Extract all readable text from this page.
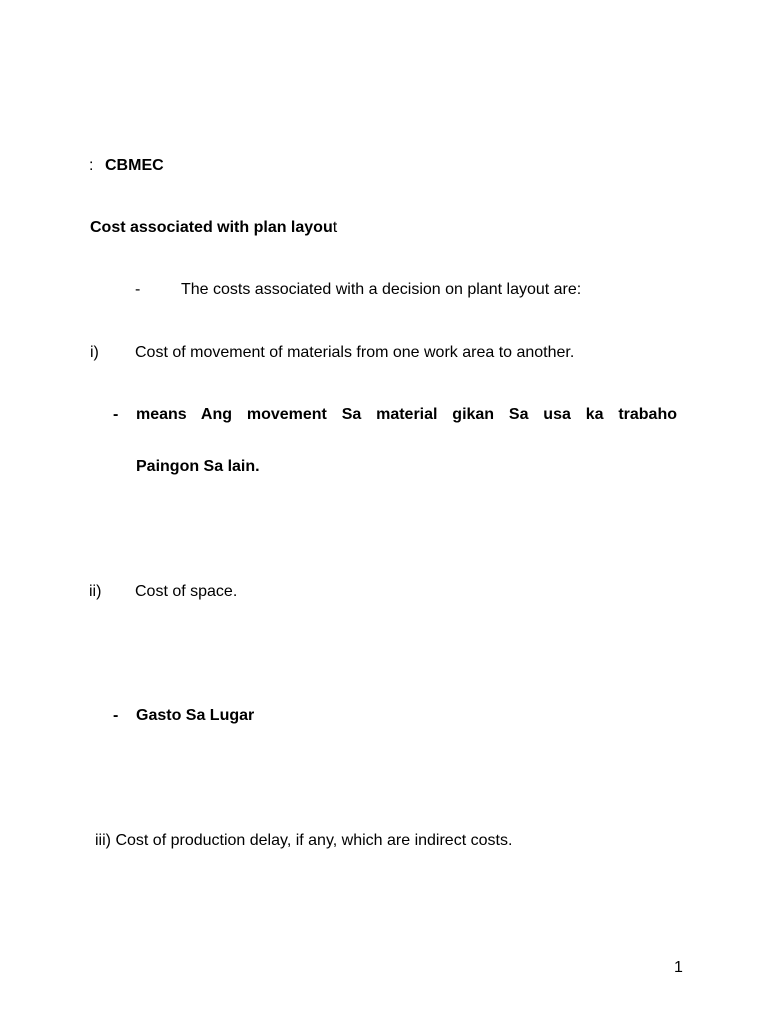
: CBMEC
Cost associated with plan layout
-	The costs associated with a decision on plant layout are:
i) Cost of movement of materials from one work area to another.
- means Ang movement Sa material gikan Sa usa ka trabaho
Paingon Sa lain.
ii) Cost of space.
- Gasto Sa Lugar
iii) Cost of production delay, if any, which are indirect costs.
1
